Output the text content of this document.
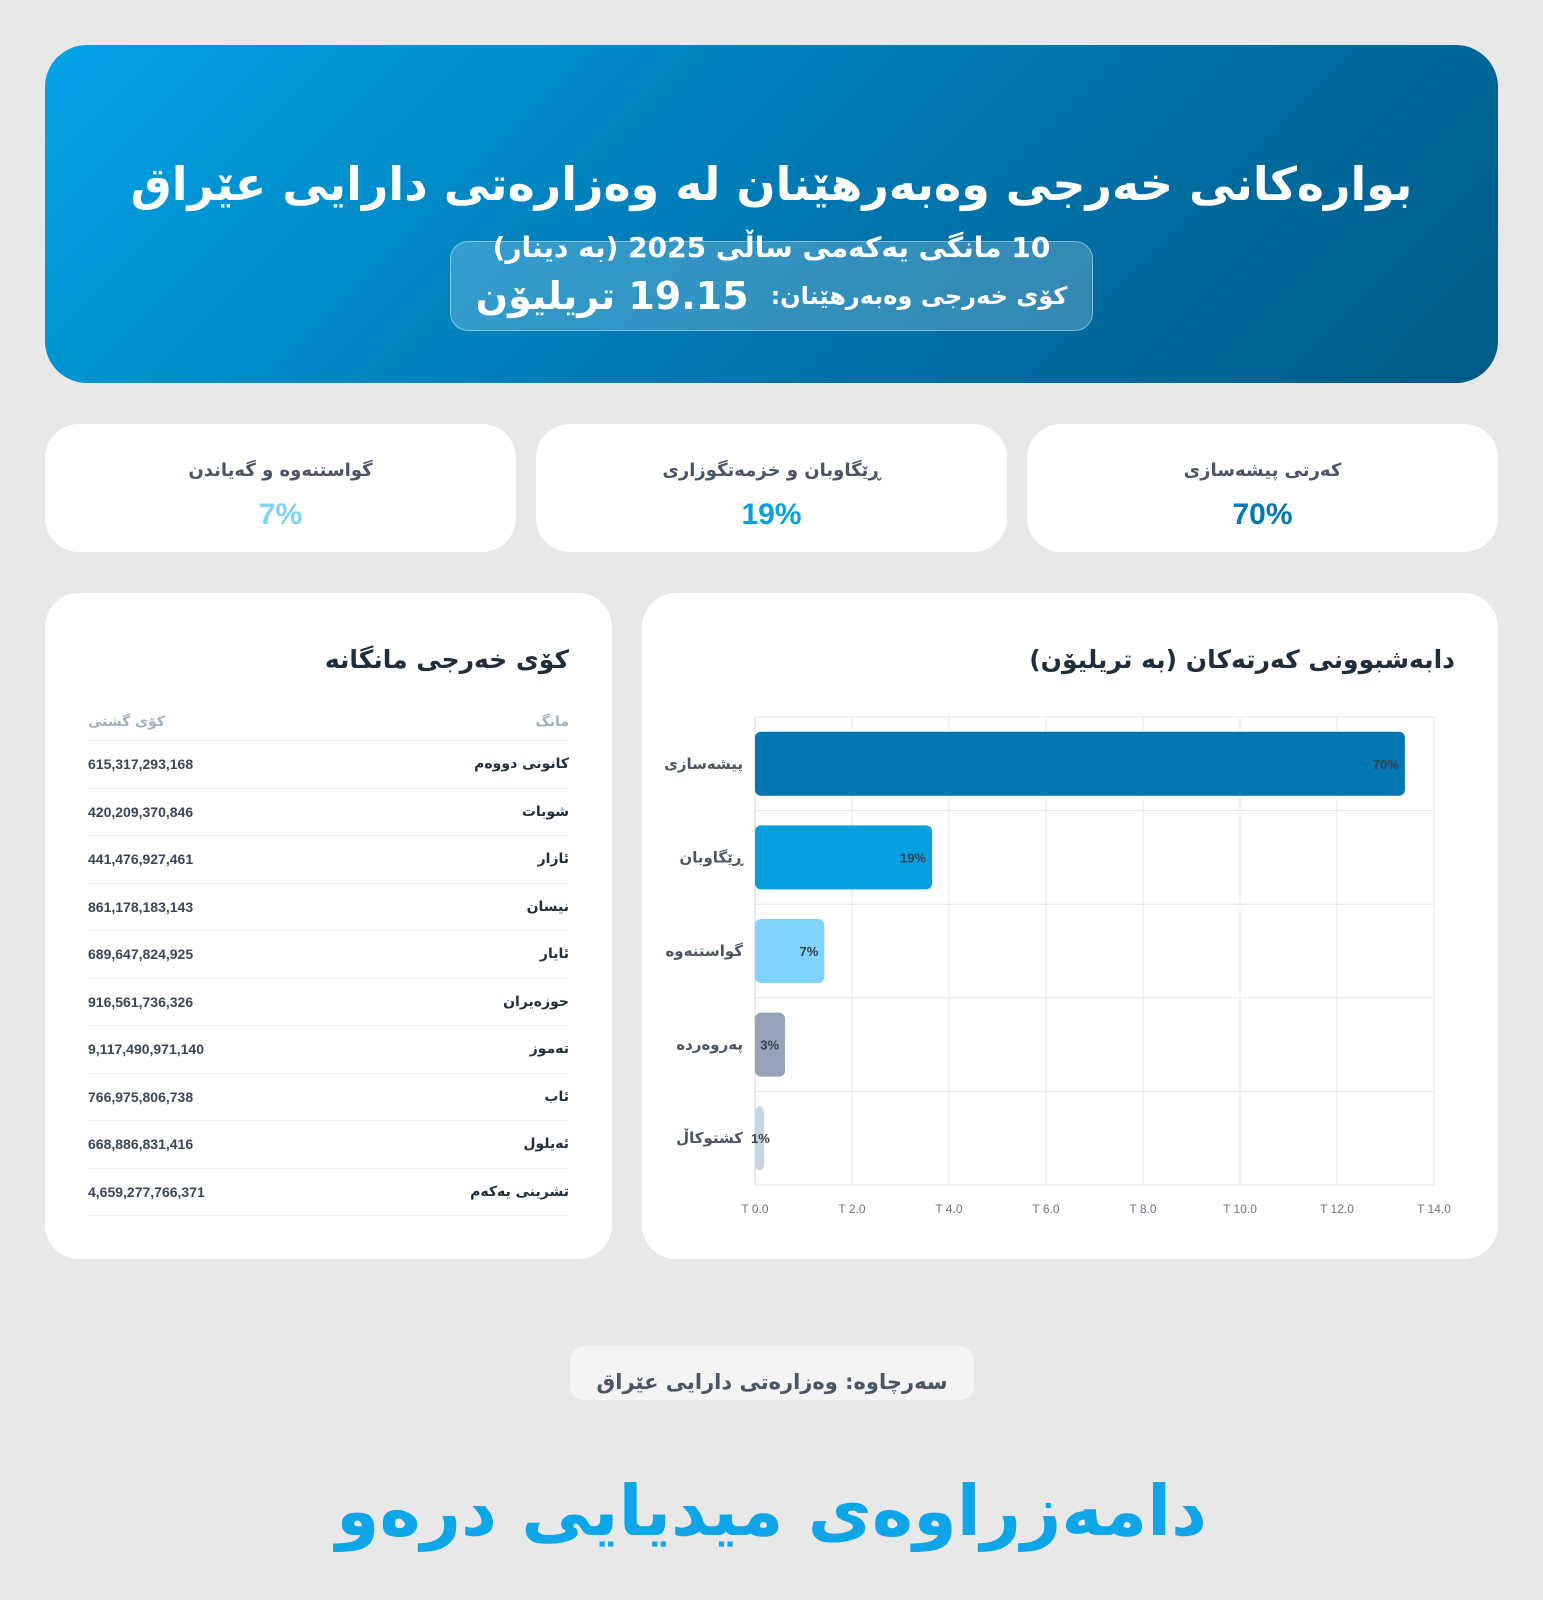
بوارەکانی خەرجی وەبەرهێنان لە وەزارەتی دارایی عێراق
10 مانگی یەکەمی ساڵی 2025 (بە دینار)
کۆی خەرجی وەبەرهێنان:
19.15 تریلیۆن
کەرتی پیشەسازی
70%
ڕێگاوبان و خزمەتگوزاری
19%
گواستنەوە و گەیاندن
7%
کۆی خەرجی مانگانە
کۆی گشتی	مانگ
615,317,293,168	کانونی دووەم
420,209,370,846	شوبات
441,476,927,461	ئازار
861,178,183,143	نیسان
689,647,824,925	ئایار
916,561,736,326	حوزەیران
9,117,490,971,140	تەموز
766,975,806,738	ئاب
668,886,831,416	ئەیلول
4,659,277,766,371	تشرینی یەکەم
دابەشبوونی کەرتەکان (بە تریلیۆن)
T 0.0	T 2.0	T 4.0	T 6.0	T 8.0	T 10.0	T 12.0	T 14.0
70%
پیشەسازی
19%
ڕێگاوبان
7%
گواستنەوە
3%
پەروەردە
1%
کشتوکاڵ
سەرچاوە: وەزارەتی دارایی عێراق
دامەزراوەی میدیایی درەو
